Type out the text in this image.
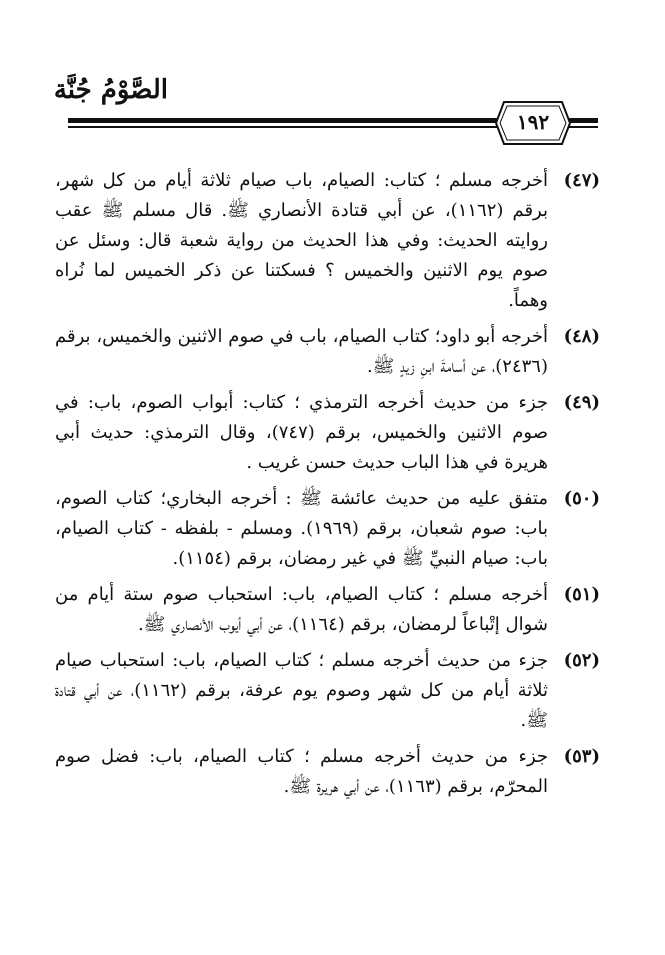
الصَّوْمُ جُنَّة
١٩٢
(٤٧)
أخرجه مسلم ؛ كتاب: الصيام، باب صيام ثلاثة أيام من كل شهر، برقم (١١٦٢)، عن أبي قتادة الأنصاري ﷺ. قال مسلم ﷺ عقب روايته الحديث: وفي هذا الحديث من رواية شعبة قال: وسئل عن صوم يوم الاثنين والخميس ؟ فسكتنا عن ذكر الخميس لما نُراه وهماً.
(٤٨)
أخرجه أبو داود؛ كتاب الصيام، باب في صوم الاثنين والخميس، برقم (٢٤٣٦)، عن أسامةَ ابنِ زيدٍ ﷺ.
(٤٩)
جزء من حديث أخرجه الترمذي ؛ كتاب: أبواب الصوم، باب: في صوم الاثنين والخميس، برقم (٧٤٧)، وقال الترمذي: حديث أبي هريرة في هذا الباب حديث حسن غريب .
(٥٠)
متفق عليه من حديث عائشة ﷺ : أخرجه البخاري؛ كتاب الصوم، باب: صوم شعبان، برقم (١٩٦٩). ومسلم - بلفظه - كتاب الصيام، باب: صيام النبيِّ ﷺ في غير رمضان، برقم (١١٥٤).
(٥١)
أخرجه مسلم ؛ كتاب الصيام، باب: استحباب صوم ستة أيام من شوال إتْباعاً لرمضان، برقم (١١٦٤)، عن أبي أيوب الأنصاري ﷺ.
(٥٢)
جزء من حديث أخرجه مسلم ؛ كتاب الصيام، باب: استحباب صيام ثلاثة أيام من كل شهر وصوم يوم عرفة، برقم (١١٦٢)، عن أبي قتادة ﷺ.
(٥٣)
جزء من حديث أخرجه مسلم ؛ كتاب الصيام، باب: فضل صوم المحرّم، برقم (١١٦٣)، عن أبي هريرة ﷺ.
